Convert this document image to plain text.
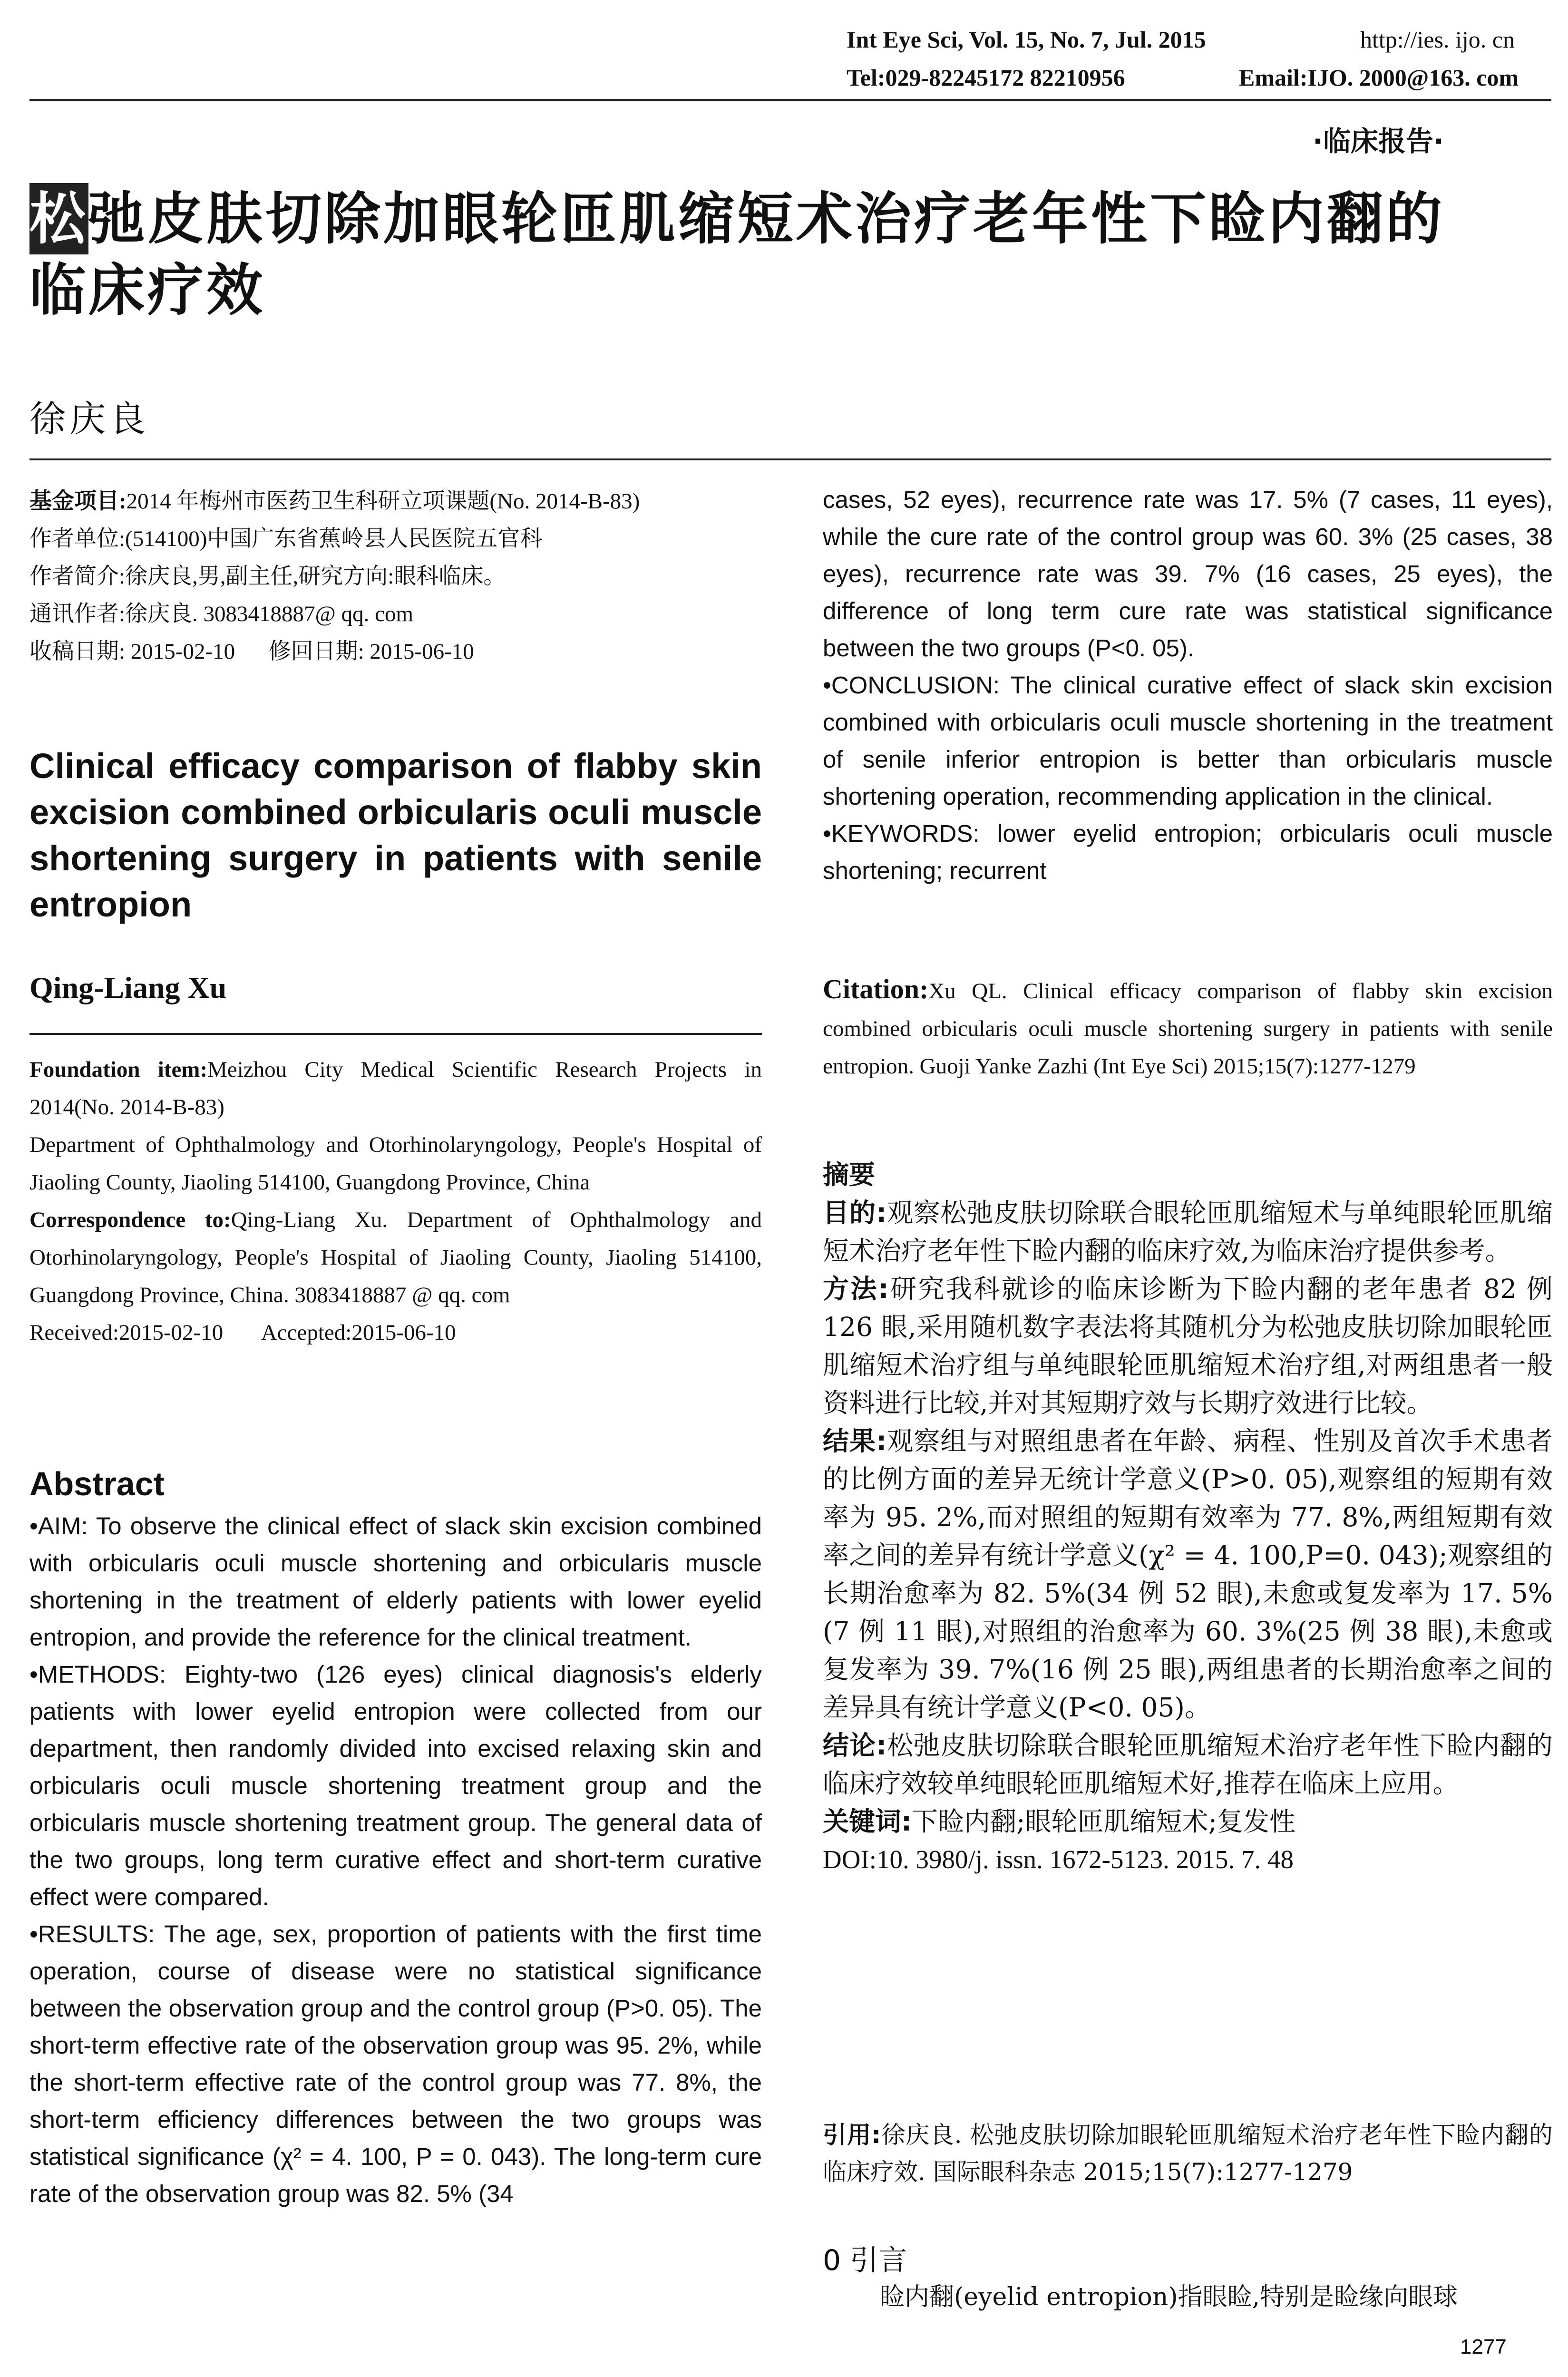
Int Eye Sci, Vol. 15, No. 7, Jul. 2015	http://ies. ijo. cn
Tel:029-82245172 82210956	Email:IJO. 2000@163. com
·临床报告·
松弛皮肤切除加眼轮匝肌缩短术治疗老年性下睑内翻的
临床疗效
徐庆良
基金项目:2014 年梅州市医药卫生科研立项课题(No. 2014-B-83)
作者单位:(514100)中国广东省蕉岭县人民医院五官科
作者简介:徐庆良,男,副主任,研究方向:眼科临床。
通讯作者:徐庆良. 3083418887@ qq. com
收稿日期: 2015-02-10      修回日期: 2015-06-10
Clinical efficacy comparison of flabby skin excision combined orbicularis oculi muscle shortening surgery in patients with senile entropion
Qing-Liang Xu
Foundation item:Meizhou City Medical Scientific Research Projects in 2014(No. 2014-B-83)
Department of Ophthalmology and Otorhinolaryngology, People's Hospital of Jiaoling County, Jiaoling 514100, Guangdong Province, China
Correspondence to:Qing-Liang Xu. Department of Ophthalmology and Otorhinolaryngology, People's Hospital of Jiaoling County, Jiaoling 514100, Guangdong Province, China. 3083418887 @ qq. com
Received:2015-02-10       Accepted:2015-06-10
Abstract
•AIM: To observe the clinical effect of slack skin excision combined with orbicularis oculi muscle shortening and orbicularis muscle shortening in the treatment of elderly patients with lower eyelid entropion, and provide the reference for the clinical treatment.
•METHODS: Eighty-two (126 eyes) clinical diagnosis's elderly patients with lower eyelid entropion were collected from our department, then randomly divided into excised relaxing skin and orbicularis oculi muscle shortening treatment group and the orbicularis muscle shortening treatment group. The general data of the two groups, long term curative effect and short-term curative effect were compared.
•RESULTS: The age, sex, proportion of patients with the first time operation, course of disease were no statistical significance between the observation group and the control group (P>0. 05). The short-term effective rate of the observation group was 95. 2%, while the short-term effective rate of the control group was 77. 8%, the short-term efficiency differences between the two groups was statistical significance (χ² = 4. 100, P = 0. 043). The long-term cure rate of the observation group was 82. 5% (34
cases, 52 eyes), recurrence rate was 17. 5% (7 cases, 11 eyes), while the cure rate of the control group was 60. 3% (25 cases, 38 eyes), recurrence rate was 39. 7% (16 cases, 25 eyes), the difference of long term cure rate was statistical significance between the two groups (P<0. 05).
•CONCLUSION: The clinical curative effect of slack skin excision combined with orbicularis oculi muscle shortening in the treatment of senile inferior entropion is better than orbicularis muscle shortening operation, recommending application in the clinical.
•KEYWORDS: lower eyelid entropion; orbicularis oculi muscle shortening; recurrent
Citation:Xu QL. Clinical efficacy comparison of flabby skin excision combined orbicularis oculi muscle shortening surgery in patients with senile entropion. Guoji Yanke Zazhi (Int Eye Sci) 2015;15(7):1277-1279
摘要
目的:观察松弛皮肤切除联合眼轮匝肌缩短术与单纯眼轮匝肌缩短术治疗老年性下睑内翻的临床疗效,为临床治疗提供参考。
方法:研究我科就诊的临床诊断为下睑内翻的老年患者 82 例 126 眼,采用随机数字表法将其随机分为松弛皮肤切除加眼轮匝肌缩短术治疗组与单纯眼轮匝肌缩短术治疗组,对两组患者一般资料进行比较,并对其短期疗效与长期疗效进行比较。
结果:观察组与对照组患者在年龄、病程、性别及首次手术患者的比例方面的差异无统计学意义(P>0. 05),观察组的短期有效率为 95. 2%,而对照组的短期有效率为 77. 8%,两组短期有效率之间的差异有统计学意义(χ² = 4. 100,P=0. 043);观察组的长期治愈率为 82. 5%(34 例 52 眼),未愈或复发率为 17. 5%(7 例 11 眼),对照组的治愈率为 60. 3%(25 例 38 眼),未愈或复发率为 39. 7%(16 例 25 眼),两组患者的长期治愈率之间的差异具有统计学意义(P<0. 05)。
结论:松弛皮肤切除联合眼轮匝肌缩短术治疗老年性下睑内翻的临床疗效较单纯眼轮匝肌缩短术好,推荐在临床上应用。
关键词:下睑内翻;眼轮匝肌缩短术;复发性
DOI:10. 3980/j. issn. 1672-5123. 2015. 7. 48
引用:徐庆良. 松弛皮肤切除加眼轮匝肌缩短术治疗老年性下睑内翻的临床疗效. 国际眼科杂志 2015;15(7):1277-1279
0 引言
睑内翻(eyelid entropion)指眼睑,特别是睑缘向眼球
1277
